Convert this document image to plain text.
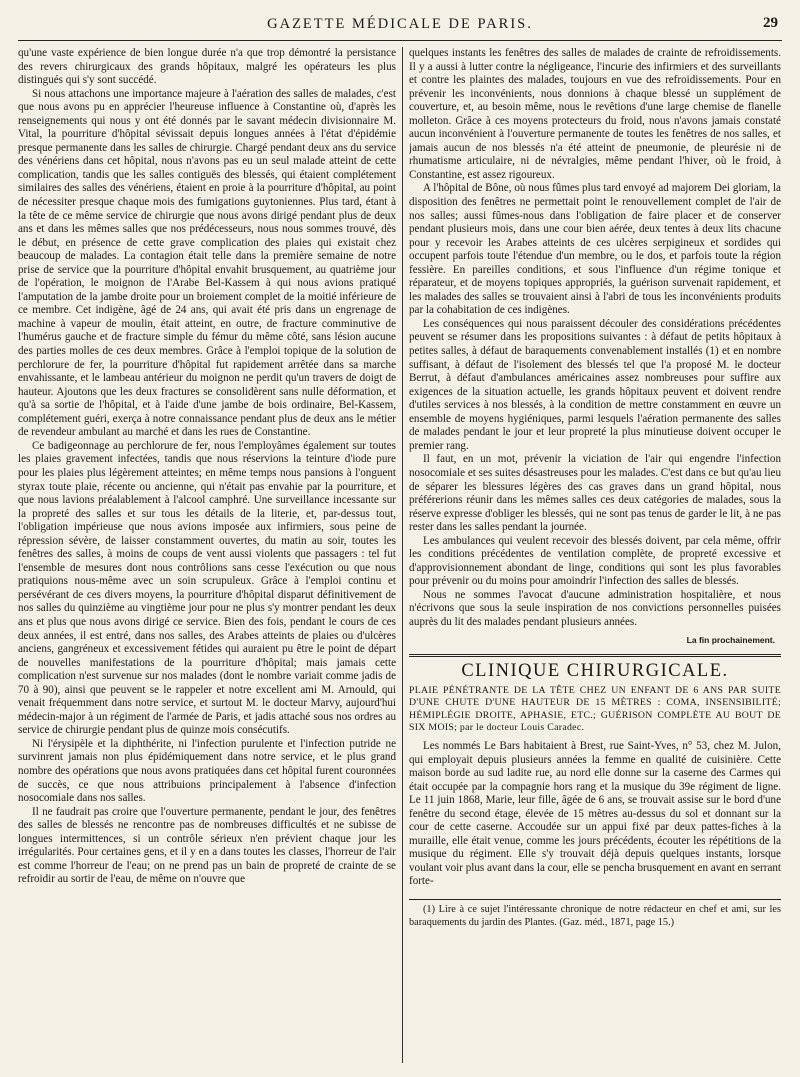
GAZETTE MÉDICALE DE PARIS.	29

qu'une vaste expérience de bien longue durée n'a que trop démontré la persistance des revers chirurgicaux des grands hôpitaux, malgré les opérateurs les plus distingués qui s'y sont succédé.

Si nous attachons une importance majeure à l'aération des salles de malades, c'est que nous avons pu en apprécier l'heureuse influence à Constantine où, d'après les renseignements qui nous y ont été donnés par le savant médecin divisionnaire M. Vital, la pourriture d'hôpital sévissait depuis longues années à l'état d'épidémie presque permanente dans les salles de chirurgie. Chargé pendant deux ans du service des vénériens dans cet hôpital, nous n'avons pas eu un seul malade atteint de cette complication, tandis que les salles contiguës des blessés, qui étaient complétement similaires des salles des vénériens, étaient en proie à la pourriture d'hôpital, au point de nécessiter presque chaque mois des fumigations guytoniennes. Plus tard, étant à la tête de ce même service de chirurgie que nous avons dirigé pendant plus de deux ans et dans les mêmes salles que nos prédécesseurs, nous nous sommes trouvé, dès le début, en présence de cette grave complication des plaies qui existait chez beaucoup de malades. La contagion était telle dans la première semaine de notre prise de service que la pourriture d'hôpital envahit brusquement, au quatrième jour de l'opération, le moignon de l'Arabe Bel-Kassem à qui nous avions pratiqué l'amputation de la jambe droite pour un broiement complet de la moitié inférieure de ce membre. Cet indigène, âgé de 24 ans, qui avait été pris dans un engrenage de machine à vapeur de moulin, était atteint, en outre, de fracture comminutive de l'humérus gauche et de fracture simple du fémur du même côté, sans lésion aucune des parties molles de ces deux membres. Grâce à l'emploi topique de la solution de perchlorure de fer, la pourriture d'hôpital fut rapidement arrêtée dans sa marche envahissante, et le lambeau antérieur du moignon ne perdit qu'un travers de doigt de hauteur. Ajoutons que les deux fractures se consolidèrent sans nulle déformation, et qu'à sa sortie de l'hôpital, et à l'aide d'une jambe de bois ordinaire, Bel-Kassem, complétement guéri, exerça à notre connaissance pendant plus de deux ans le métier de revendeur ambulant au marché et dans les rues de Constantine.

Ce badigeonnage au perchlorure de fer, nous l'employâmes également sur toutes les plaies gravement infectées, tandis que nous réservions la teinture d'iode pure pour les plaies plus légèrement atteintes; en même temps nous pansions à l'onguent styrax toute plaie, récente ou ancienne, qui n'était pas envahie par la pourriture, et que nous lavions préalablement à l'alcool camphré. Une surveillance incessante sur la propreté des salles et sur tous les détails de la literie, et, par-dessus tout, l'obligation impérieuse que nous avions imposée aux infirmiers, sous peine de répression sévère, de laisser constamment ouvertes, du matin au soir, toutes les fenêtres des salles, à moins de coups de vent aussi violents que passagers : tel fut l'ensemble de mesures dont nous contrôlions sans cesse l'exécution ou que nous pratiquions nous-même avec un soin scrupuleux. Grâce à l'emploi continu et persévérant de ces divers moyens, la pourriture d'hôpital disparut définitivement de nos salles du quinzième au vingtième jour pour ne plus s'y montrer pendant les deux ans et plus que nous avons dirigé ce service. Bien des fois, pendant le cours de ces deux années, il est entré, dans nos salles, des Arabes atteints de plaies ou d'ulcères anciens, gangréneux et excessivement fétides qui auraient pu être le point de départ de nouvelles manifestations de la pourriture d'hôpital; mais jamais cette complication n'est survenue sur nos malades (dont le nombre variait comme jadis de 70 à 90), ainsi que peuvent se le rappeler et notre excellent ami M. Arnould, qui venait fréquemment dans notre service, et surtout M. le docteur Marvy, aujourd'hui médecin-major à un régiment de l'armée de Paris, et jadis attaché sous nos ordres au service de chirurgie pendant plus de quinze mois consécutifs.

Ni l'érysipèle et la diphthérite, ni l'infection purulente et l'infection putride ne survinrent jamais non plus épidémiquement dans notre service, et le plus grand nombre des opérations que nous avons pratiquées dans cet hôpital furent couronnées de succès, ce que nous attribuions principalement à l'absence d'infection nosocomiale dans nos salles.

Il ne faudrait pas croire que l'ouverture permanente, pendant le jour, des fenêtres des salles de blessés ne rencontre pas de nombreuses difficultés et ne subisse de longues intermittences, si un contrôle sérieux n'en prévient chaque jour les irrégularités. Pour certaines gens, et il y en a dans toutes les classes, l'horreur de l'air est comme l'horreur de l'eau; on ne prend pas un bain de propreté de crainte de se refroidir au sortir de l'eau, de même on n'ouvre que

quelques instants les fenêtres des salles de malades de crainte de refroidissements. Il y a aussi à lutter contre la négligeance, l'incurie des infirmiers et des surveillants et contre les plaintes des malades, toujours en vue des refroidissements. Pour en prévenir les inconvénients, nous donnions à chaque blessé un supplément de couverture, et, au besoin même, nous le revêtions d'une large chemise de flanelle molleton. Grâce à ces moyens protecteurs du froid, nous n'avons jamais constaté aucun inconvénient à l'ouverture permanente de toutes les fenêtres de nos salles, et jamais aucun de nos blessés n'a été atteint de pneumonie, de pleurésie ni de rhumatisme articulaire, ni de névralgies, même pendant l'hiver, où le froid, à Constantine, est assez rigoureux.

A l'hôpital de Bône, où nous fûmes plus tard envoyé ad majorem Dei gloriam, la disposition des fenêtres ne permettait point le renouvellement complet de l'air de nos salles; aussi fûmes-nous dans l'obligation de faire placer et de conserver pendant plusieurs mois, dans une cour bien aérée, deux tentes à deux lits chacune pour y recevoir les Arabes atteints de ces ulcères serpigineux et sordides qui occupent parfois toute l'étendue d'un membre, ou le dos, et parfois toute la région fessière. En pareilles conditions, et sous l'influence d'un régime tonique et réparateur, et de moyens topiques appropriés, la guérison survenait rapidement, et les malades des salles se trouvaient ainsi à l'abri de tous les inconvénients produits par la cohabitation de ces indigènes.

Les conséquences qui nous paraissent découler des considérations précédentes peuvent se résumer dans les propositions suivantes : à défaut de petits hôpitaux à petites salles, à défaut de baraquements convenablement installés (1) et en nombre suffisant, à défaut de l'isolement des blessés tel que l'a proposé M. le docteur Berrut, à défaut d'ambulances américaines assez nombreuses pour suffire aux exigences de la situation actuelle, les grands hôpitaux peuvent et doivent rendre d'utiles services à nos blessés, à la condition de mettre constamment en œuvre un ensemble de moyens hygiéniques, parmi lesquels l'aération permanente des salles de malades pendant le jour et leur propreté la plus minutieuse doivent occuper le premier rang.

Il faut, en un mot, prévenir la viciation de l'air qui engendre l'infection nosocomiale et ses suites désastreuses pour les malades. C'est dans ce but qu'au lieu de séparer les blessures légères des cas graves dans un grand hôpital, nous préférerions réunir dans les mêmes salles ces deux catégories de malades, sous la réserve expresse d'obliger les blessés, qui ne sont pas tenus de garder le lit, à ne pas rester dans les salles pendant la journée.

Les ambulances qui veulent recevoir des blessés doivent, par cela même, offrir les conditions précédentes de ventilation complète, de propreté excessive et d'approvisionnement abondant de linge, conditions qui sont les plus favorables pour prévenir ou du moins pour amoindrir l'infection des salles de blessés.

Nous ne sommes l'avocat d'aucune administration hospitalière, et nous n'écrivons que sous la seule inspiration de nos convictions personnelles puisées auprès du lit des malades pendant plusieurs années.

La fin prochainement.
CLINIQUE CHIRURGICALE.
PLAIE PÉNÉTRANTE DE LA TÊTE CHEZ UN ENFANT DE 6 ANS PAR SUITE D'UNE CHUTE D'UNE HAUTEUR DE 15 MÈTRES : COMA, INSENSIBILITÉ; HÉMIPLÉGIE DROITE, APHASIE, ETC.; GUÉRISON COMPLÈTE AU BOUT DE SIX MOIS; par le docteur Louis Caradec.

Les nommés Le Bars habitaient à Brest, rue Saint-Yves, n° 53, chez M. Julon, qui employait depuis plusieurs années la femme en qualité de cuisinière. Cette maison borde au sud ladite rue, au nord elle donne sur la caserne des Carmes qui était occupée par la compagnie hors rang et la musique du 39e régiment de ligne. Le 11 juin 1868, Marie, leur fille, âgée de 6 ans, se trouvait assise sur le bord d'une fenêtre du second étage, élevée de 15 mètres au-dessus du sol et donnant sur la cour de cette caserne. Accoudée sur un appui fixé par deux pattes-fiches à la muraille, elle était venue, comme les jours précédents, écouter les répétitions de la musique du régiment. Elle s'y trouvait déjà depuis quelques instants, lorsque voulant voir plus avant dans la cour, elle se pencha brusquement en avant en serrant forte-

(1) Lire à ce sujet l'intéressante chronique de notre rédacteur en chef et ami, sur les baraquements du jardin des Plantes. (Gaz. méd., 1871, page 15.)
